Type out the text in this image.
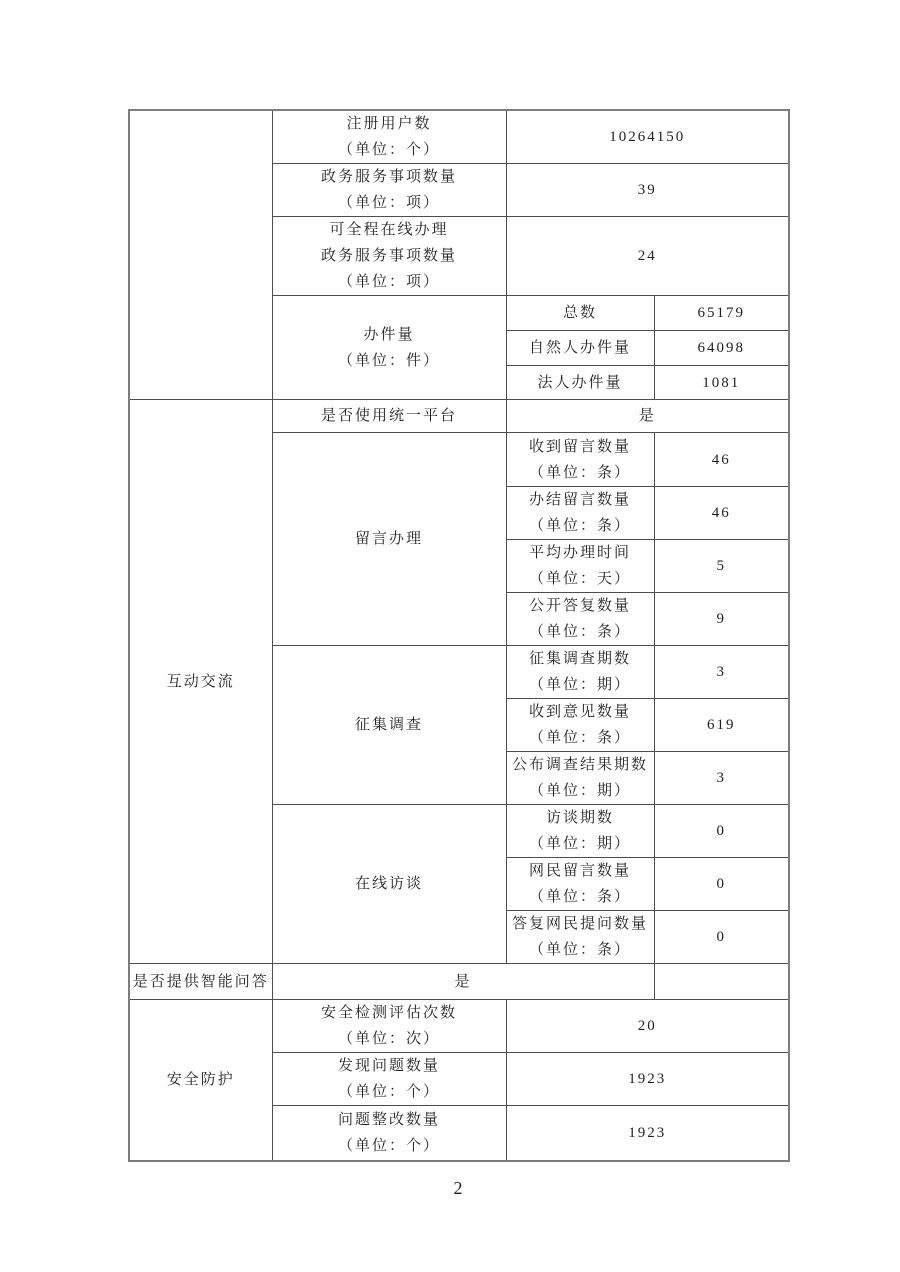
	注册用户数
（单位：个）	10264150	

	政务服务事项数量
（单位：项）	39	

	可全程在线办理
政务服务事项数量
（单位：项）	24	

	办件量
（单位：件）	总数	65179
		自然人办件量	64098
		法人办件量	1081
互动交流	是否使用统一平台	是	
	留言办理	收到留言数量
（单位：条）	46

		办结留言数量
（单位：条）	46

		平均办理时间
（单位：天）	5

		公开答复数量
（单位：条）	9
	征集调查	征集调查期数
（单位：期）	3

		收到意见数量
（单位：条）	619

		公布调查结果期数
（单位：期）	3
	在线访谈	访谈期数
（单位：期）	0

		网民留言数量
（单位：条）	0

		答复网民提问数量
（单位：条）	0
是否提供智能问答	是		
安全防护	安全检测评估次数
（单位：次）	20	

	发现问题数量
（单位：个）	1923	

	问题整改数量
（单位：个）	1923	
2
